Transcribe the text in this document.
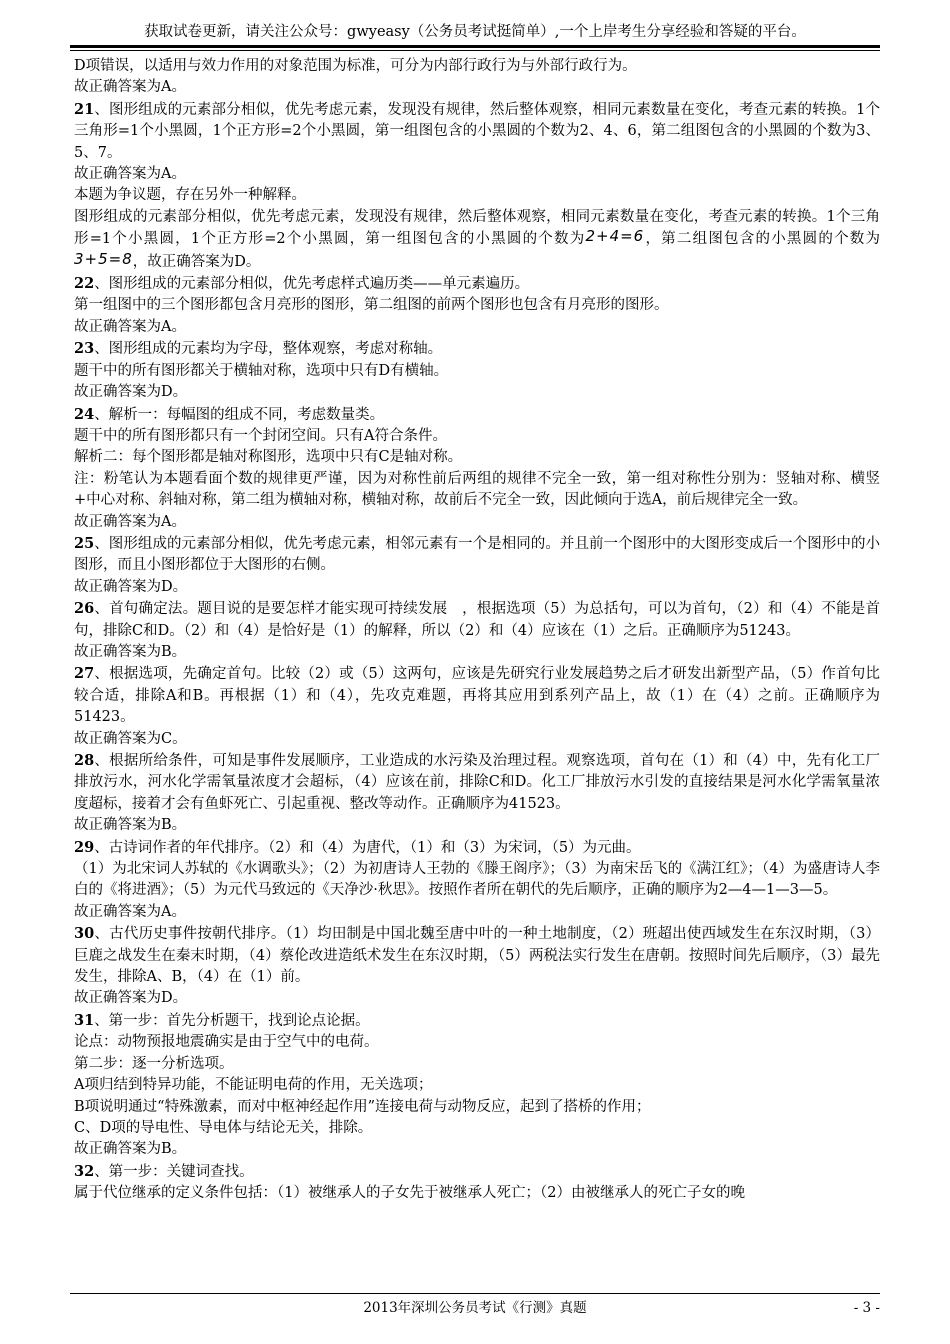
获取试卷更新，请关注公众号：gwyeasy（公务员考试挺简单）,一个上岸考生分享经验和答疑的平台。

D项错误，以适用与效力作用的对象范围为标准，可分为内部行政行为与外部行政行为。

故正确答案为A。

21、图形组成的元素部分相似，优先考虑元素，发现没有规律，然后整体观察，相同元素数量在变化，考查元素的转换。1个三角形=1个小黑圆，1个正方形=2个小黑圆，第一组图包含的小黑圆的个数为2、4、6，第二组图包含的小黑圆的个数为3、5、7。

故正确答案为A。

本题为争议题，存在另外一种解释。

图形组成的元素部分相似，优先考虑元素，发现没有规律，然后整体观察，相同元素数量在变化，考查元素的转换。1个三角形=1个小黑圆，1个正方形=2个小黑圆，第一组图包含的小黑圆的个数为2+4=6，第二组图包含的小黑圆的个数为3+5=8，故正确答案为D。

22、图形组成的元素部分相似，优先考虑样式遍历类——单元素遍历。

第一组图中的三个图形都包含月亮形的图形，第二组图的前两个图形也包含有月亮形的图形。

故正确答案为A。

23、图形组成的元素均为字母，整体观察，考虑对称轴。

题干中的所有图形都关于横轴对称，选项中只有D有横轴。

故正确答案为D。

24、解析一：每幅图的组成不同，考虑数量类。

题干中的所有图形都只有一个封闭空间。只有A符合条件。

解析二：每个图形都是轴对称图形，选项中只有C是轴对称。

注：粉笔认为本题看面个数的规律更严谨，因为对称性前后两组的规律不完全一致，第一组对称性分别为：竖轴对称、横竖+中心对称、斜轴对称，第二组为横轴对称，横轴对称，故前后不完全一致，因此倾向于选A，前后规律完全一致。

故正确答案为A。

25、图形组成的元素部分相似，优先考虑元素，相邻元素有一个是相同的。并且前一个图形中的大图形变成后一个图形中的小图形，而且小图形都位于大图形的右侧。

故正确答案为D。

26、首句确定法。题目说的是要怎样才能实现可持续发展　，根据选项（5）为总括句，可以为首句，（2）和（4）不能是首句，排除C和D。（2）和（4）是恰好是（1）的解释，所以（2）和（4）应该在（1）之后。正确顺序为51243。

故正确答案为B。

27、根据选项，先确定首句。比较（2）或（5）这两句，应该是先研究行业发展趋势之后才研发出新型产品，（5）作首句比较合适，排除A和B。再根据（1）和（4），先攻克难题，再将其应用到系列产品上，故（1）在（4）之前。正确顺序为51423。

故正确答案为C。

28、根据所给条件，可知是事件发展顺序，工业造成的水污染及治理过程。观察选项，首句在（1）和（4）中，先有化工厂排放污水，河水化学需氧量浓度才会超标，（4）应该在前，排除C和D。化工厂排放污水引发的直接结果是河水化学需氧量浓度超标，接着才会有鱼虾死亡、引起重视、整改等动作。正确顺序为41523。

故正确答案为B。

29、古诗词作者的年代排序。（2）和（4）为唐代，（1）和（3）为宋词，（5）为元曲。

（1）为北宋词人苏轼的《水调歌头》；（2）为初唐诗人王勃的《滕王阁序》；（3）为南宋岳飞的《满江红》；（4）为盛唐诗人李白的《将进酒》；（5）为元代马致远的《天净沙·秋思》。按照作者所在朝代的先后顺序，正确的顺序为2—4—1—3—5。

故正确答案为A。

30、古代历史事件按朝代排序。（1）均田制是中国北魏至唐中叶的一种土地制度，（2）班超出使西域发生在东汉时期，（3）巨鹿之战发生在秦末时期，（4）蔡伦改进造纸术发生在东汉时期，（5）两税法实行发生在唐朝。按照时间先后顺序，（3）最先发生，排除A、B，（4）在（1）前。

故正确答案为D。

31、第一步：首先分析题干，找到论点论据。

论点：动物预报地震确实是由于空气中的电荷。

第二步：逐一分析选项。

A项归结到特异功能，不能证明电荷的作用，无关选项；

B项说明通过“特殊激素，而对中枢神经起作用”连接电荷与动物反应，起到了搭桥的作用；

C、D项的导电性、导电体与结论无关，排除。

故正确答案为B。

32、第一步：关键词查找。

属于代位继承的定义条件包括：（1）被继承人的子女先于被继承人死亡；（2）由被继承人的死亡子女的晚

2013年深圳公务员考试《行测》真题	- 3 -
